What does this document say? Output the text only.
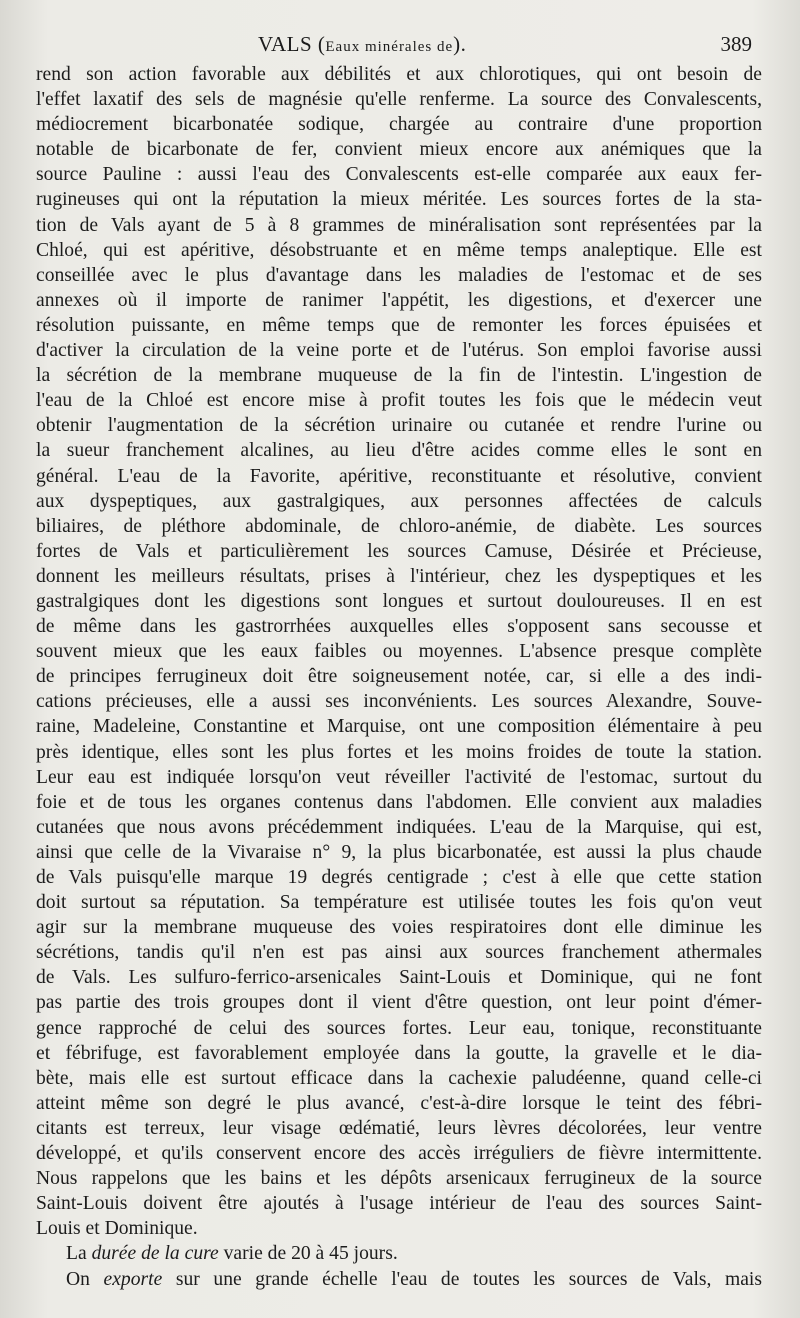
VALS (Eaux minérales de).	389
rend son action favorable aux débilités et aux chlorotiques, qui ont besoin de
l'effet laxatif des sels de magnésie qu'elle renferme. La source des Convalescents,
médiocrement bicarbonatée sodique, chargée au contraire d'une proportion
notable de bicarbonate de fer, convient mieux encore aux anémiques que la
source Pauline : aussi l'eau des Convalescents est-elle comparée aux eaux fer-
rugineuses qui ont la réputation la mieux méritée. Les sources fortes de la sta-
tion de Vals ayant de 5 à 8 grammes de minéralisation sont représentées par la
Chloé, qui est apéritive, désobstruante et en même temps analeptique. Elle est
conseillée avec le plus d'avantage dans les maladies de l'estomac et de ses
annexes où il importe de ranimer l'appétit, les digestions, et d'exercer une
résolution puissante, en même temps que de remonter les forces épuisées et
d'activer la circulation de la veine porte et de l'utérus. Son emploi favorise aussi
la sécrétion de la membrane muqueuse de la fin de l'intestin. L'ingestion de
l'eau de la Chloé est encore mise à profit toutes les fois que le médecin veut
obtenir l'augmentation de la sécrétion urinaire ou cutanée et rendre l'urine ou
la sueur franchement alcalines, au lieu d'être acides comme elles le sont en
général. L'eau de la Favorite, apéritive, reconstituante et résolutive, convient
aux dyspeptiques, aux gastralgiques, aux personnes affectées de calculs
biliaires, de pléthore abdominale, de chloro-anémie, de diabète. Les sources
fortes de Vals et particulièrement les sources Camuse, Désirée et Précieuse,
donnent les meilleurs résultats, prises à l'intérieur, chez les dyspeptiques et les
gastralgiques dont les digestions sont longues et surtout douloureuses. Il en est
de même dans les gastrorrhées auxquelles elles s'opposent sans secousse et
souvent mieux que les eaux faibles ou moyennes. L'absence presque complète
de principes ferrugineux doit être soigneusement notée, car, si elle a des indi-
cations précieuses, elle a aussi ses inconvénients. Les sources Alexandre, Souve-
raine, Madeleine, Constantine et Marquise, ont une composition élémentaire à peu
près identique, elles sont les plus fortes et les moins froides de toute la station.
Leur eau est indiquée lorsqu'on veut réveiller l'activité de l'estomac, surtout du
foie et de tous les organes contenus dans l'abdomen. Elle convient aux maladies
cutanées que nous avons précédemment indiquées. L'eau de la Marquise, qui est,
ainsi que celle de la Vivaraise n° 9, la plus bicarbonatée, est aussi la plus chaude
de Vals puisqu'elle marque 19 degrés centigrade ; c'est à elle que cette station
doit surtout sa réputation. Sa température est utilisée toutes les fois qu'on veut
agir sur la membrane muqueuse des voies respiratoires dont elle diminue les
sécrétions, tandis qu'il n'en est pas ainsi aux sources franchement athermales
de Vals. Les sulfuro-ferrico-arsenicales Saint-Louis et Dominique, qui ne font
pas partie des trois groupes dont il vient d'être question, ont leur point d'émer-
gence rapproché de celui des sources fortes. Leur eau, tonique, reconstituante
et fébrifuge, est favorablement employée dans la goutte, la gravelle et le dia-
bète, mais elle est surtout efficace dans la cachexie paludéenne, quand celle-ci
atteint même son degré le plus avancé, c'est-à-dire lorsque le teint des fébri-
citants est terreux, leur visage œdématié, leurs lèvres décolorées, leur ventre
développé, et qu'ils conservent encore des accès irréguliers de fièvre intermittente.
Nous rappelons que les bains et les dépôts arsenicaux ferrugineux de la source
Saint-Louis doivent être ajoutés à l'usage intérieur de l'eau des sources Saint-
Louis et Dominique.
La durée de la cure varie de 20 à 45 jours.
On exporte sur une grande échelle l'eau de toutes les sources de Vals, mais
